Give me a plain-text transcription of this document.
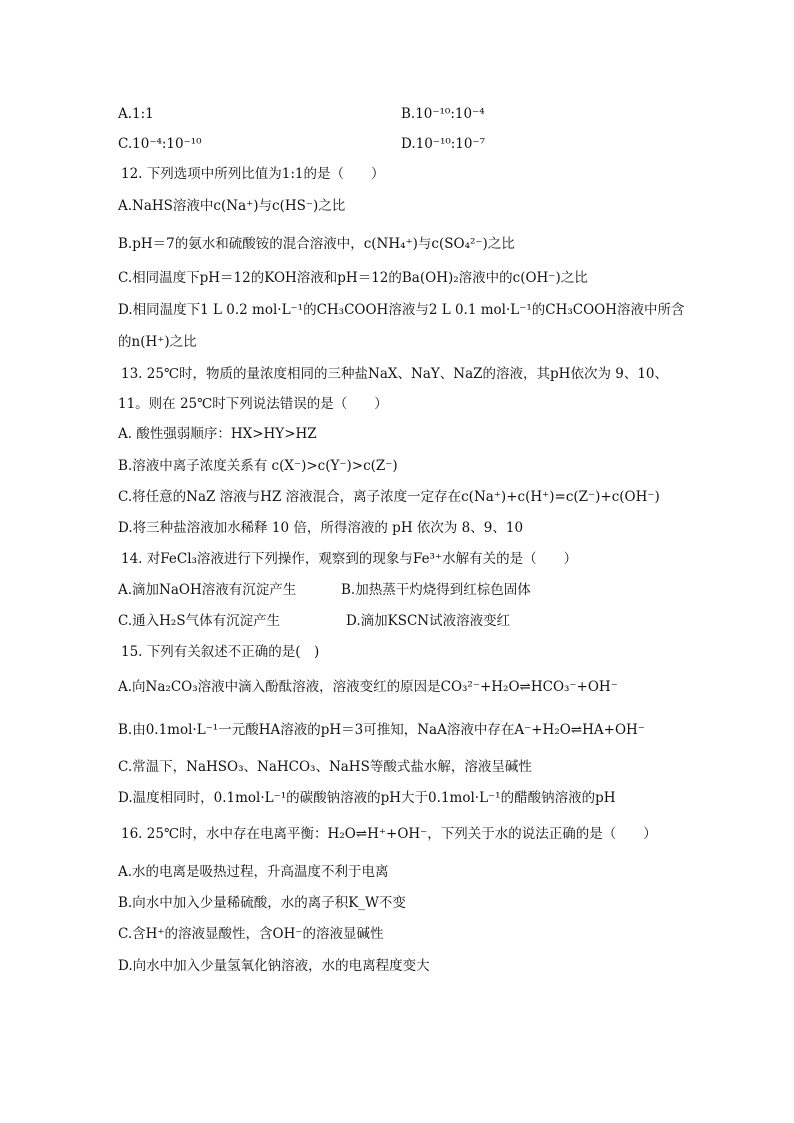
A.1:1	B.10⁻¹⁰:10⁻⁴
C.10⁻⁴:10⁻¹⁰	D.10⁻¹⁰:10⁻⁷
12. 下列选项中所列比值为1:1的是（　　）
A.NaHS溶液中c(Na⁺)与c(HS⁻)之比
B.pH＝7的氨水和硫酸铵的混合溶液中，c(NH₄⁺)与c(SO₄²⁻)之比
C.相同温度下pH＝12的KOH溶液和pH＝12的Ba(OH)₂溶液中的c(OH⁻)之比
D.相同温度下1 L 0.2 mol·L⁻¹的CH₃COOH溶液与2 L 0.1 mol·L⁻¹的CH₃COOH溶液中所含
的n(H⁺)之比
13. 25℃时，物质的量浓度相同的三种盐NaX、NaY、NaZ的溶液，其pH依次为 9、10、
11。则在 25℃时下列说法错误的是（　　）
A. 酸性强弱顺序：HX>HY>HZ
B.溶液中离子浓度关系有 c(X⁻)>c(Y⁻)>c(Z⁻)
C.将任意的NaZ 溶液与HZ 溶液混合，离子浓度一定存在c(Na⁺)+c(H⁺)=c(Z⁻)+c(OH⁻)
D.将三种盐溶液加水稀释 10 倍，所得溶液的 pH 依次为 8、9、10
14. 对FeCl₃溶液进行下列操作，观察到的现象与Fe³⁺水解有关的是（　　）
A.滴加NaOH溶液有沉淀产生	B.加热蒸干灼烧得到红棕色固体
C.通入H₂S气体有沉淀产生	D.滴加KSCN试液溶液变红
15. 下列有关叙述不正确的是(　)
A.向Na₂CO₃溶液中滴入酚酞溶液，溶液变红的原因是CO₃²⁻+H₂O⇌HCO₃⁻+OH⁻
B.由0.1mol·L⁻¹一元酸HA溶液的pH＝3可推知，NaA溶液中存在A⁻+H₂O⇌HA+OH⁻
C.常温下，NaHSO₃、NaHCO₃、NaHS等酸式盐水解，溶液呈碱性
D.温度相同时，0.1mol·L⁻¹的碳酸钠溶液的pH大于0.1mol·L⁻¹的醋酸钠溶液的pH
16. 25℃时，水中存在电离平衡：H₂O⇌H⁺+OH⁻，下列关于水的说法正确的是（　　）
A.水的电离是吸热过程，升高温度不利于电离
B.向水中加入少量稀硫酸，水的离子积K_W不变
C.含H⁺的溶液显酸性，含OH⁻的溶液显碱性
D.向水中加入少量氢氧化钠溶液，水的电离程度变大
